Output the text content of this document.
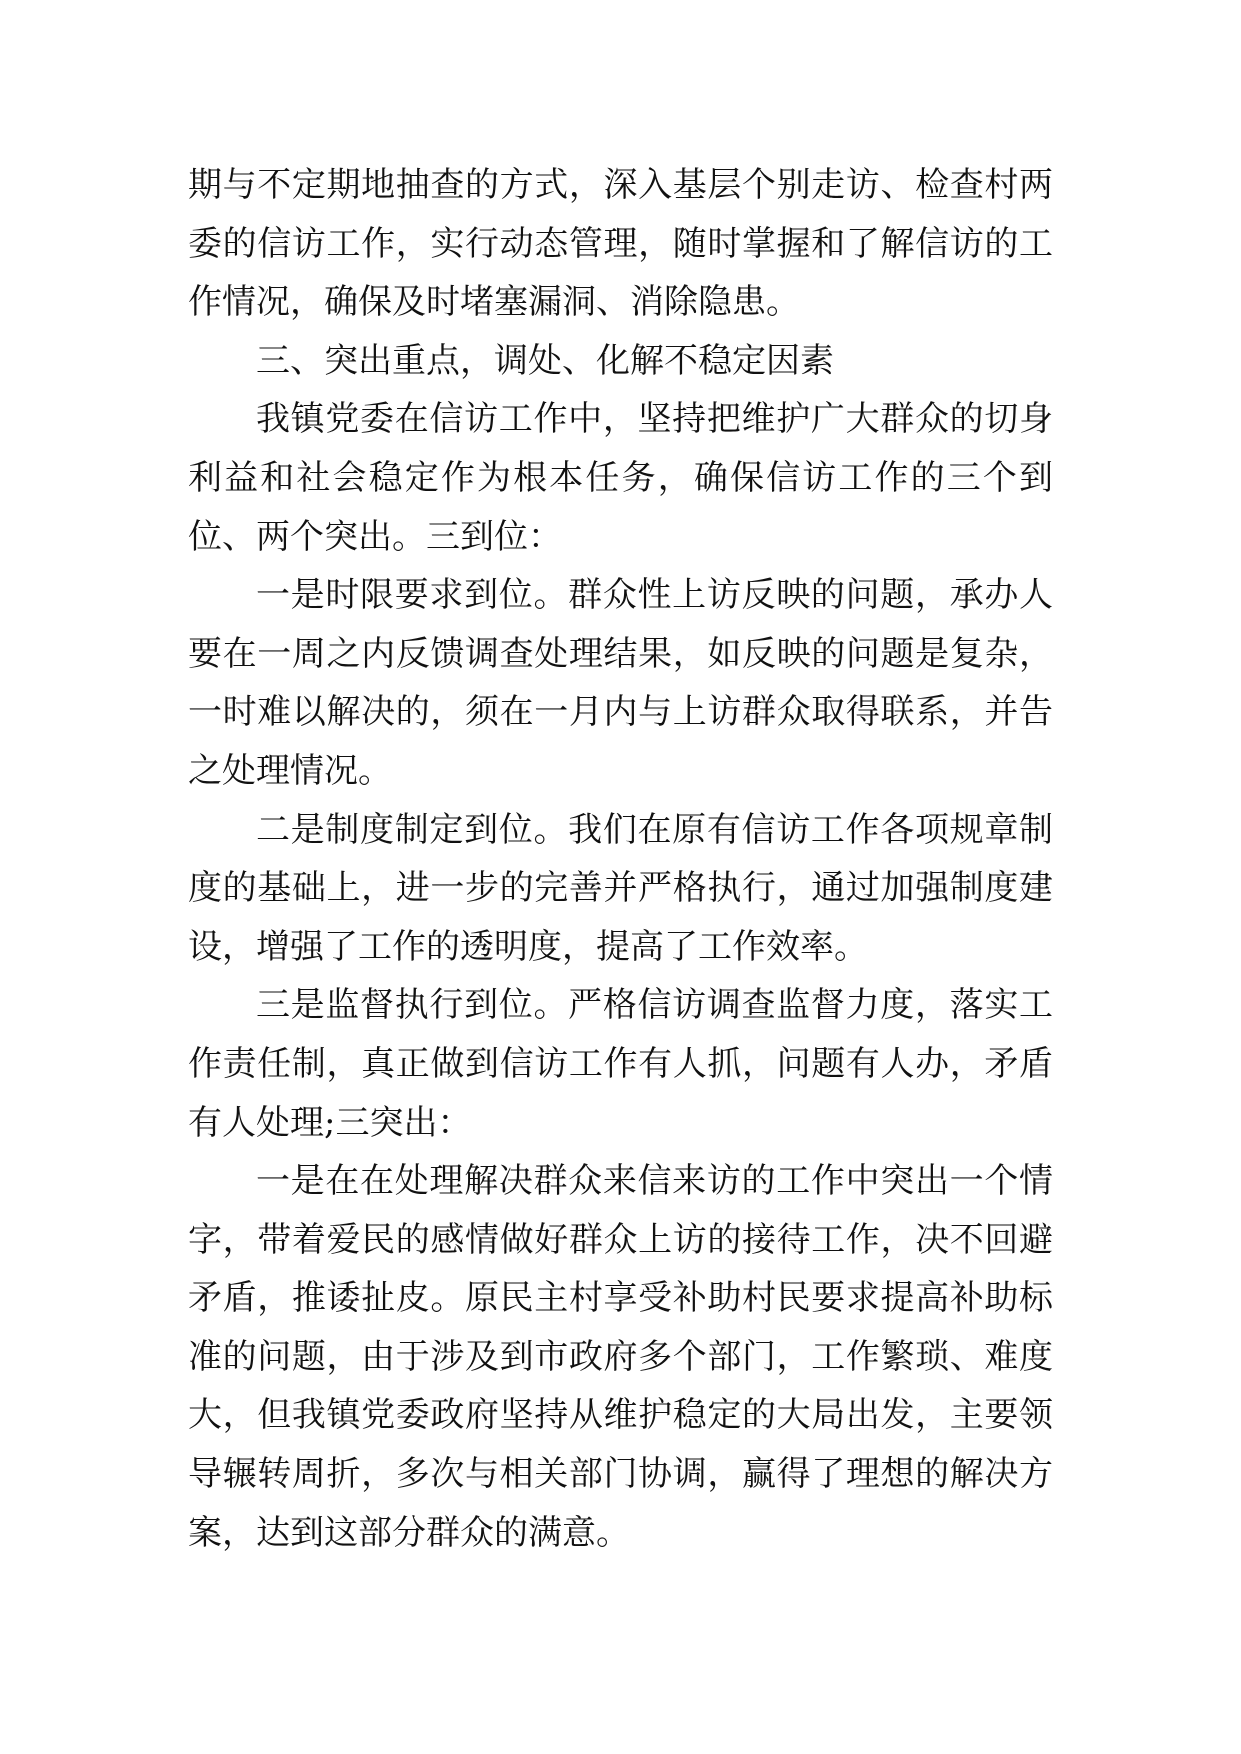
期与不定期地抽查的方式，深入基层个别走访、检查村两委的信访工作，实行动态管理，随时掌握和了解信访的工作情况，确保及时堵塞漏洞、消除隐患。

三、突出重点，调处、化解不稳定因素

我镇党委在信访工作中，坚持把维护广大群众的切身利益和社会稳定作为根本任务，确保信访工作的三个到位、两个突出。三到位：

一是时限要求到位。群众性上访反映的问题，承办人要在一周之内反馈调查处理结果，如反映的问题是复杂，一时难以解决的，须在一月内与上访群众取得联系，并告之处理情况。

二是制度制定到位。我们在原有信访工作各项规章制度的基础上，进一步的完善并严格执行，通过加强制度建设，增强了工作的透明度，提高了工作效率。

三是监督执行到位。严格信访调查监督力度，落实工作责任制，真正做到信访工作有人抓，问题有人办，矛盾有人处理;三突出：

一是在在处理解决群众来信来访的工作中突出一个情字，带着爱民的感情做好群众上访的接待工作，决不回避矛盾，推诿扯皮。原民主村享受补助村民要求提高补助标准的问题，由于涉及到市政府多个部门，工作繁琐、难度大，但我镇党委政府坚持从维护稳定的大局出发，主要领导辗转周折，多次与相关部门协调，赢得了理想的解决方案，达到这部分群众的满意。
